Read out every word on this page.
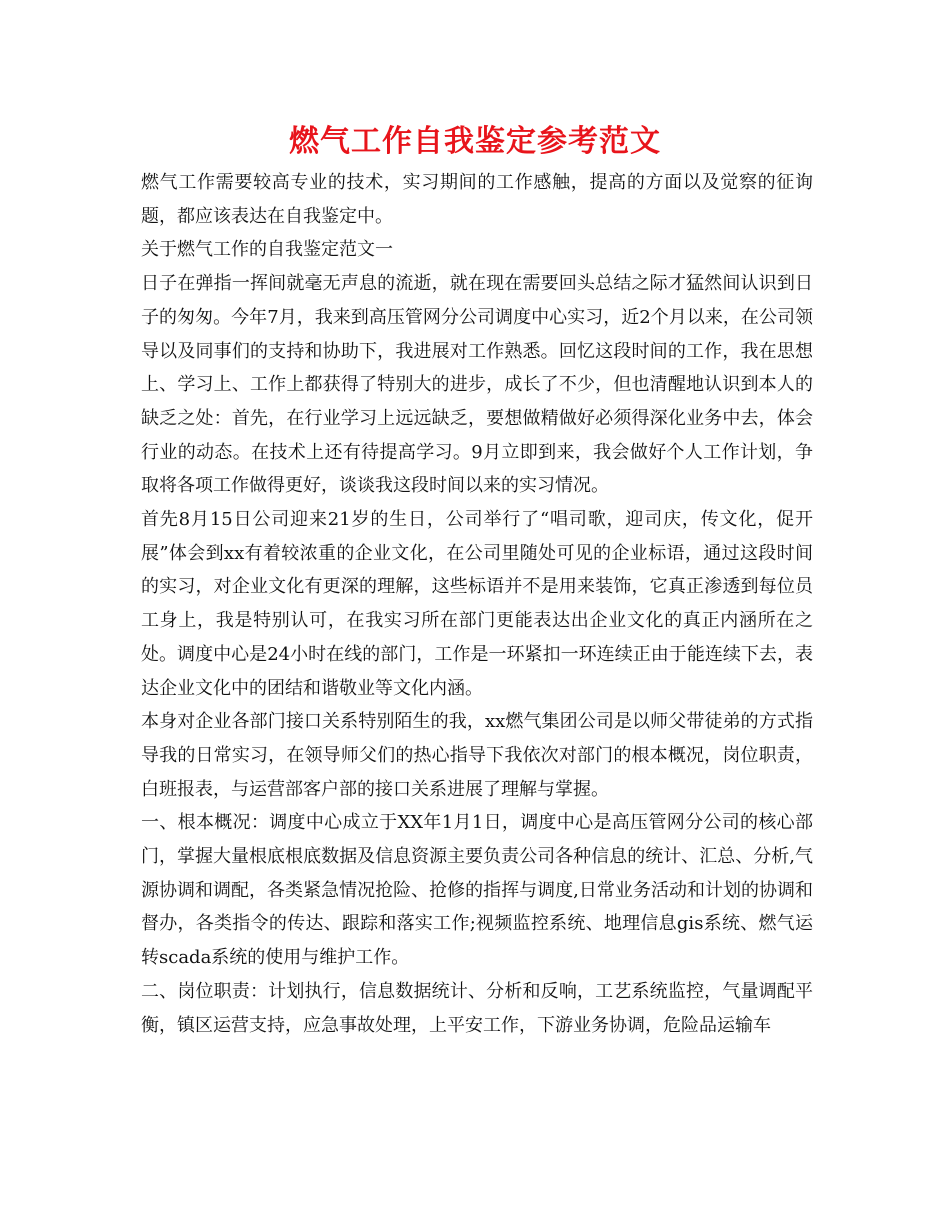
燃气工作自我鉴定参考范文

燃气工作需要较高专业的技术，实习期间的工作感触，提高的方面以及觉察的征询题，都应该表达在自我鉴定中。

关于燃气工作的自我鉴定范文一

日子在弹指一挥间就毫无声息的流逝，就在现在需要回头总结之际才猛然间认识到日子的匆匆。今年7月，我来到高压管网分公司调度中心实习，近2个月以来，在公司领导以及同事们的支持和协助下，我进展对工作熟悉。回忆这段时间的工作，我在思想上、学习上、工作上都获得了特别大的进步，成长了不少，但也清醒地认识到本人的缺乏之处：首先，在行业学习上远远缺乏，要想做精做好必须得深化业务中去，体会行业的动态。在技术上还有待提高学习。9月立即到来，我会做好个人工作计划，争取将各项工作做得更好，谈谈我这段时间以来的实习情况。

首先8月15日公司迎来21岁的生日，公司举行了“唱司歌，迎司庆，传文化，促开展”体会到xx有着较浓重的企业文化，在公司里随处可见的企业标语，通过这段时间的实习，对企业文化有更深的理解，这些标语并不是用来装饰，它真正渗透到每位员工身上，我是特别认可，在我实习所在部门更能表达出企业文化的真正内涵所在之处。调度中心是24小时在线的部门，工作是一环紧扣一环连续正由于能连续下去，表达企业文化中的团结和谐敬业等文化内涵。

本身对企业各部门接口关系特别陌生的我，xx燃气集团公司是以师父带徒弟的方式指导我的日常实习，在领导师父们的热心指导下我依次对部门的根本概况，岗位职责，白班报表，与运营部客户部的接口关系进展了理解与掌握。

一、根本概况：调度中心成立于XX年1月1日，调度中心是高压管网分公司的核心部门，掌握大量根底根底数据及信息资源主要负责公司各种信息的统计、汇总、分析,气源协调和调配，各类紧急情况抢险、抢修的指挥与调度,日常业务活动和计划的协调和督办，各类指令的传达、跟踪和落实工作;视频监控系统、地理信息gis系统、燃气运转scada系统的使用与维护工作。

二、岗位职责：计划执行，信息数据统计、分析和反响，工艺系统监控，气量调配平衡，镇区运营支持，应急事故处理，上平安工作，下游业务协调，危险品运输车
